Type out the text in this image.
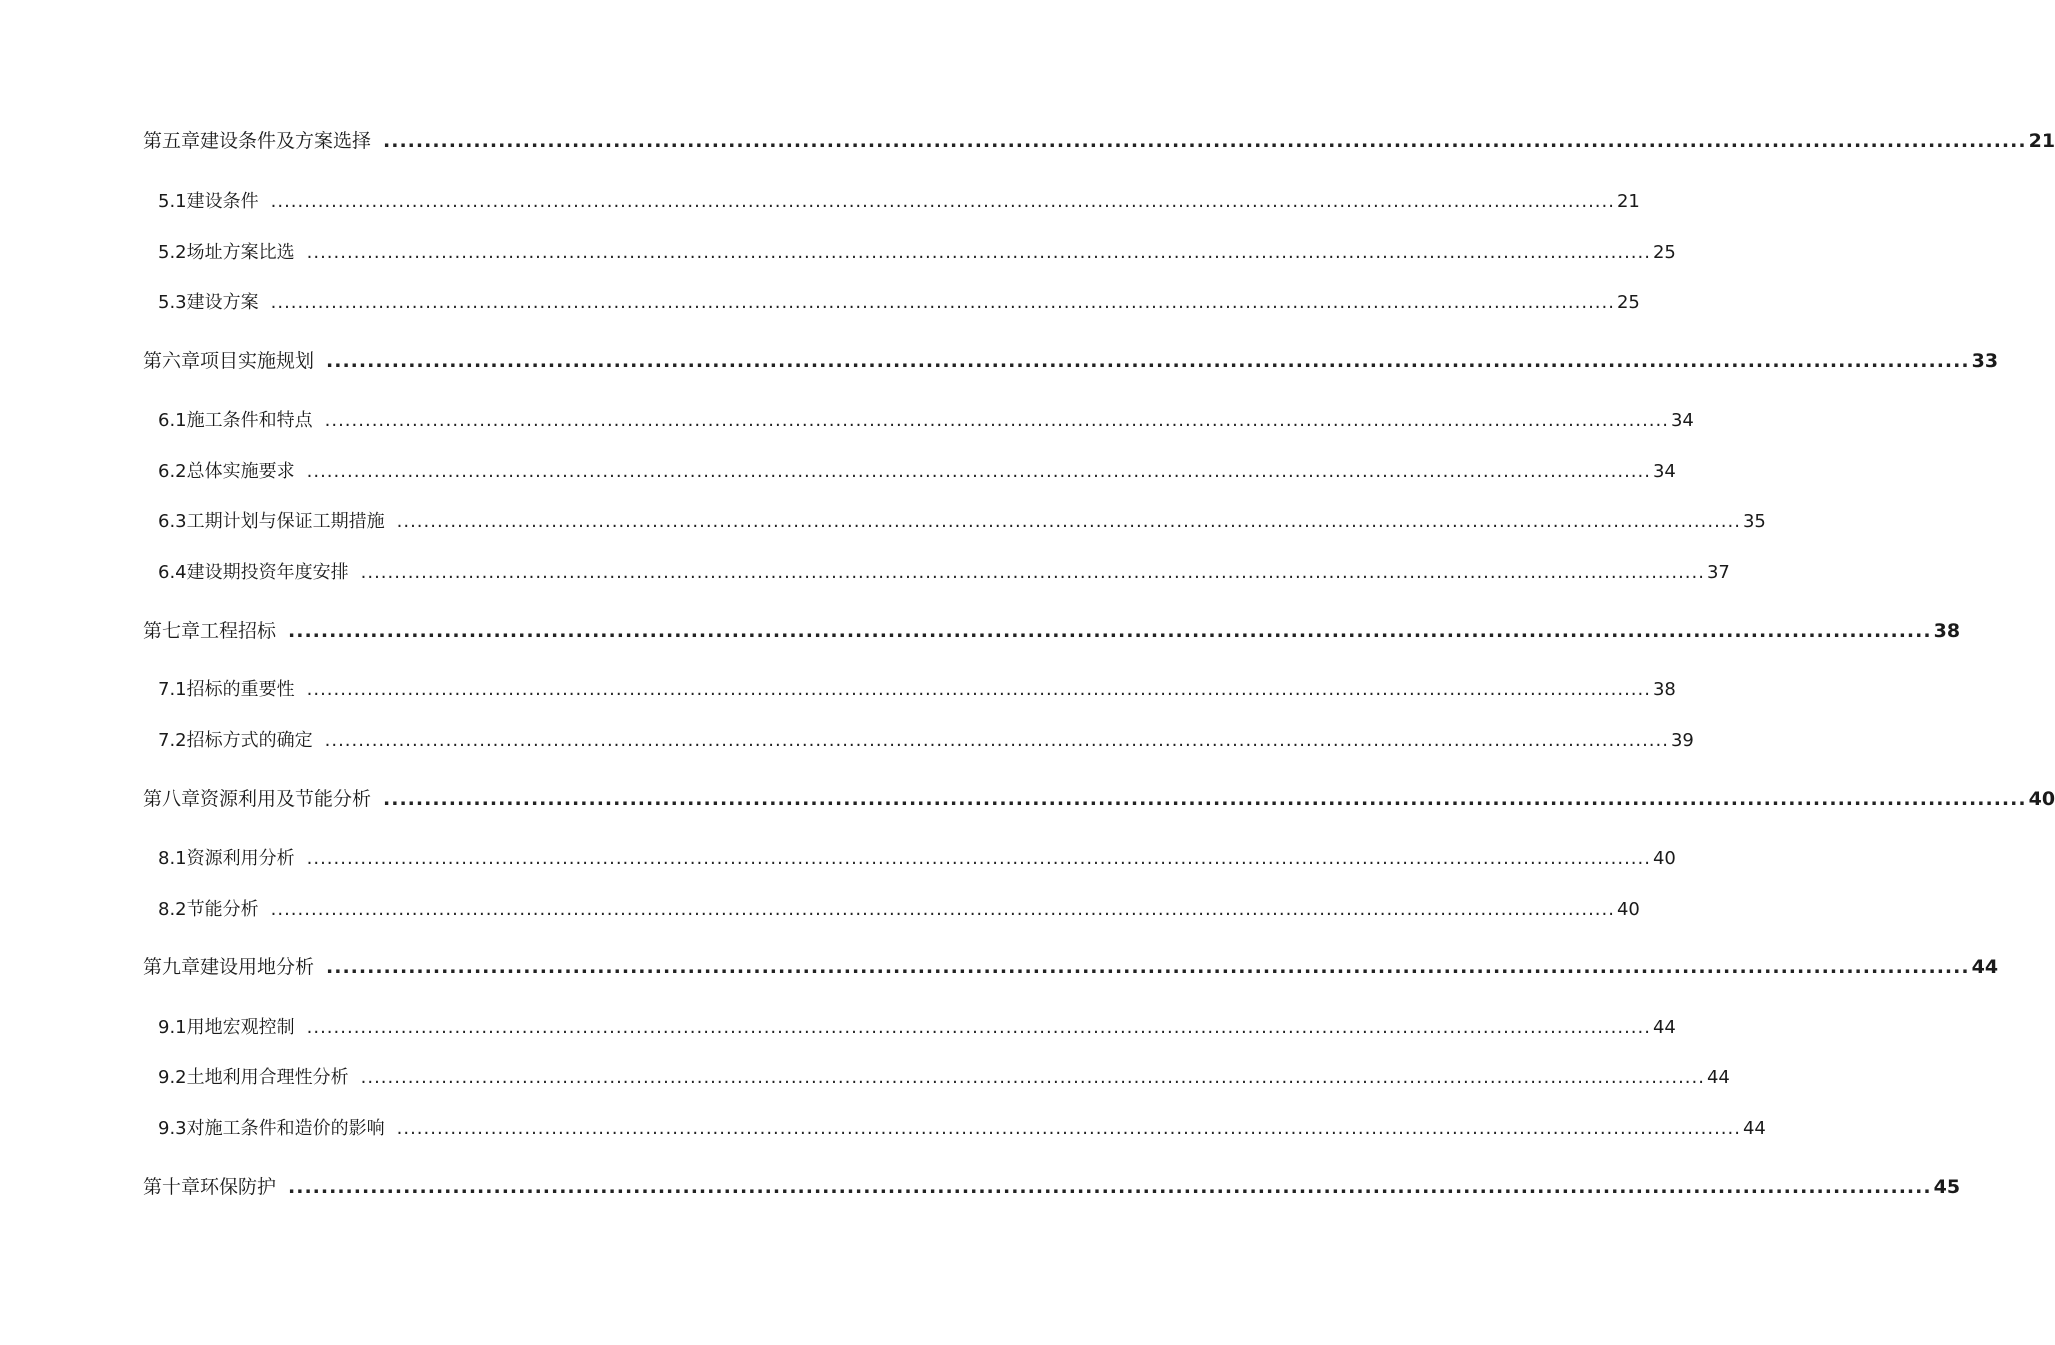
第五章 建设条件及方案选择 ........................................................................................................................................................................................................ 21
5.1 建设条件 ........................................................................................................................................................................................................ 21
5.2 场址方案比选 ........................................................................................................................................................................................................ 25
5.3 建设方案 ........................................................................................................................................................................................................ 25
第六章 项目实施规划 ........................................................................................................................................................................................................ 33
6.1 施工条件和特点 ........................................................................................................................................................................................................ 34
6.2 总体实施要求 ........................................................................................................................................................................................................ 34
6.3 工期计划与保证工期措施 ........................................................................................................................................................................................................ 35
6.4 建设期投资年度安排 ........................................................................................................................................................................................................ 37
第七章 工程招标 ........................................................................................................................................................................................................ 38
7.1 招标的重要性 ........................................................................................................................................................................................................ 38
7.2 招标方式的确定 ........................................................................................................................................................................................................ 39
第八章 资源利用及节能分析 ........................................................................................................................................................................................................ 40
8.1 资源利用分析 ........................................................................................................................................................................................................ 40
8.2 节能分析 ........................................................................................................................................................................................................ 40
第九章 建设用地分析 ........................................................................................................................................................................................................ 44
9.1 用地宏观控制 ........................................................................................................................................................................................................ 44
9.2 土地利用合理性分析 ........................................................................................................................................................................................................ 44
9.3 对施工条件和造价的影响 ........................................................................................................................................................................................................ 44
第十章 环保防护 ........................................................................................................................................................................................................ 45
